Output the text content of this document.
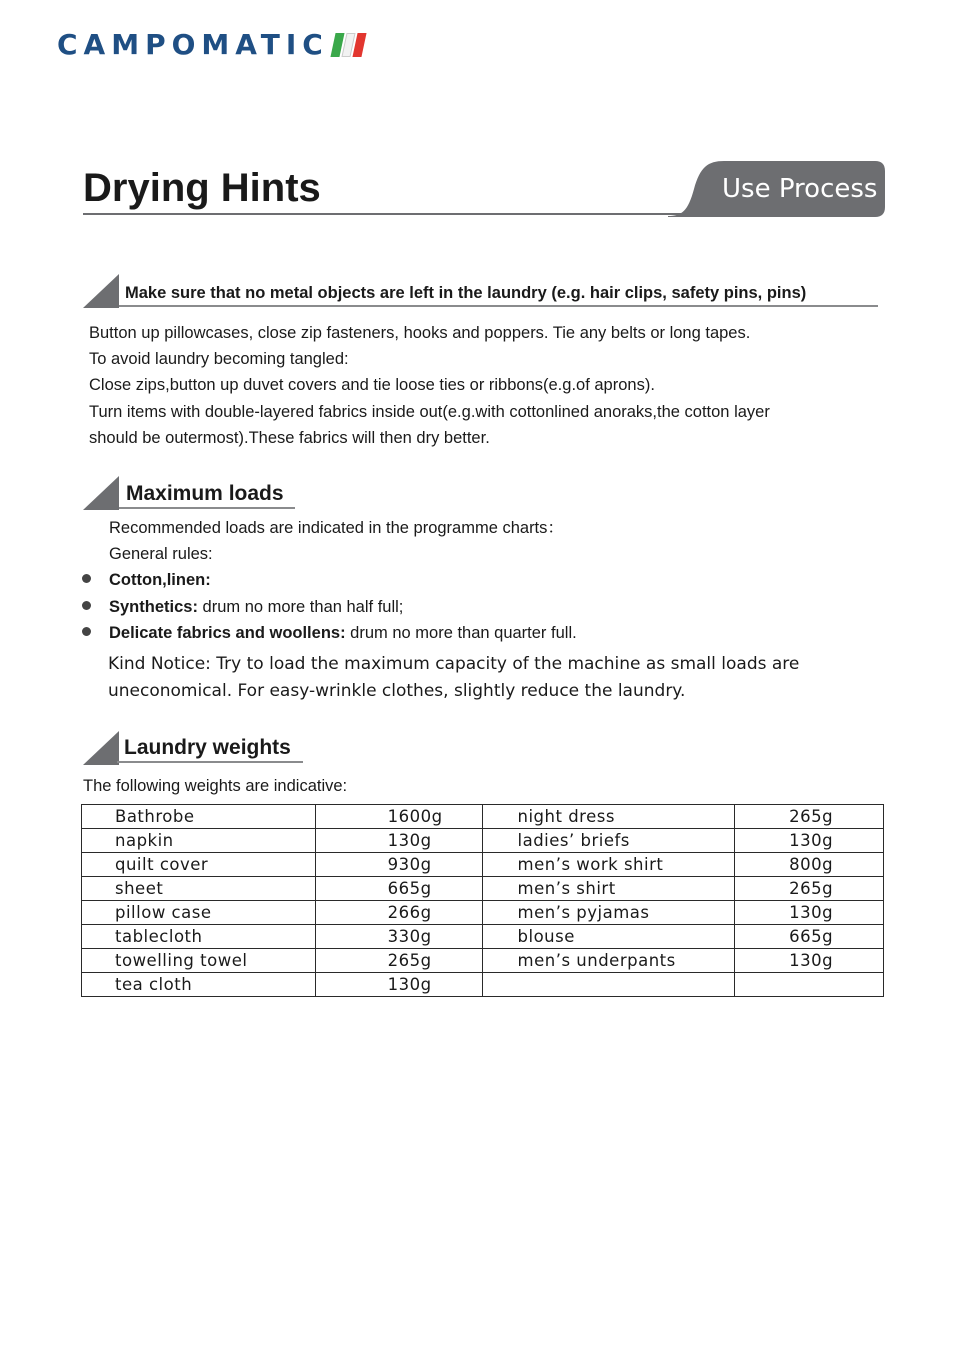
CAMPOMATIC
Drying Hints	Use Process
Make sure that no metal objects are left in the laundry (e.g. hair clips, safety pins, pins)

Button up pillowcases, close zip fasteners, hooks and poppers. Tie any belts or long tapes.

To avoid laundry becoming tangled:

Close zips,button up duvet covers and tie loose ties or ribbons(e.g.of aprons).

Turn items with double-layered fabrics inside out(e.g.with cottonlined anoraks,the cotton layer

should be outermost).These fabrics will then dry better.

Maximum loads

Recommended loads are indicated in the programme charts：

General rules:

Cotton,linen:
Synthetics: drum no more than half full;
Delicate fabrics and woollens: drum no more than quarter full.

Kind Notice: Try to load the maximum capacity of the machine as small loads are

uneconomical. For easy-wrinkle clothes, slightly reduce the laundry.

Laundry weights

The following weights are indicative:

Bathrobe	1600g	night dress	265g
napkin	130g	ladies’ briefs	130g
quilt cover	930g	men’s work shirt	800g
sheet	665g	men’s shirt	265g
pillow case	266g	men’s pyjamas	130g
tablecloth	330g	blouse	665g
towelling towel	265g	men’s underpants	130g
tea cloth	130g		
